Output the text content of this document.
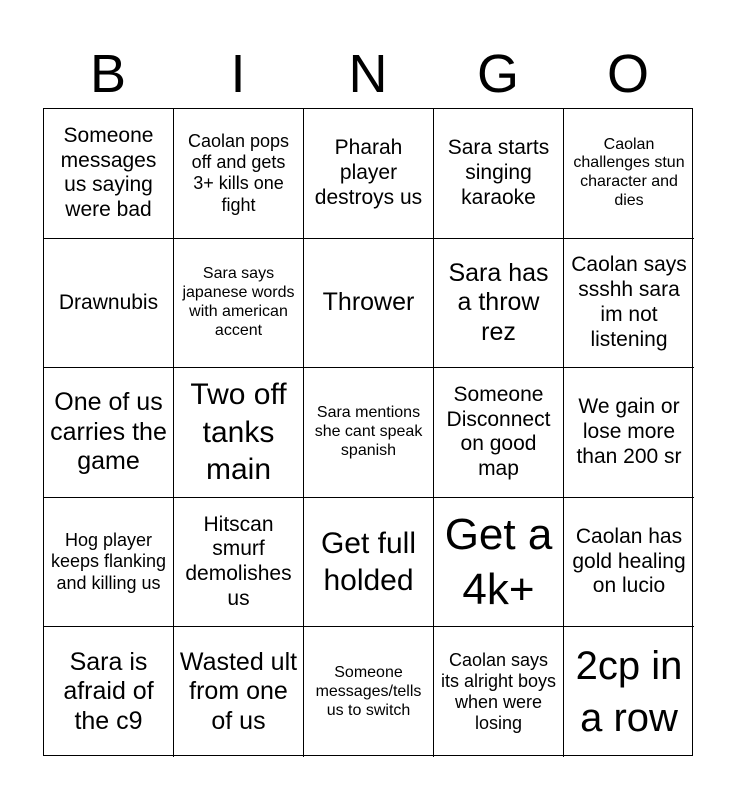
B	I	N	G	O
Someone messages us saying were bad
Caolan pops off and gets 3+ kills one fight
Pharah player destroys us
Sara starts singing karaoke
Caolan challenges stun character and dies
Drawnubis
Sara says japanese words with american accent
Thrower
Sara has a throw rez
Caolan says ssshh sara im not listening
One of us carries the game
Two off tanks main
Sara mentions she cant speak spanish
Someone Disconnect on good map
We gain or lose more than 200 sr
Hog player keeps flanking and killing us
Hitscan smurf demolishes us
Get full holded
Get a 4k+
Caolan has gold healing on lucio
Sara is afraid of the c9
Wasted ult from one of us
Someone messages/tells us to switch
Caolan says its alright boys when were losing
2cp in a row
